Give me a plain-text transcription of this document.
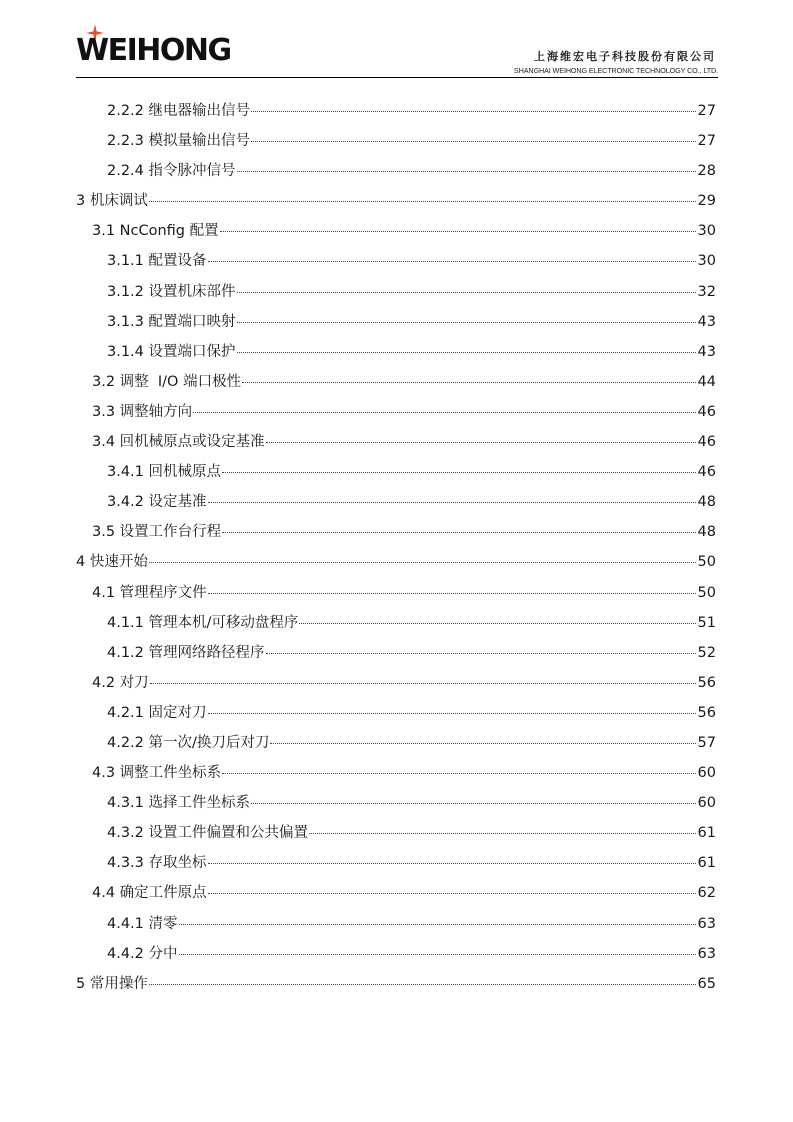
WEIHONG	上海维宏电子科技股份有限公司
SHANGHAI WEIHONG ELECTRONIC TECHNOLOGY CO., LTD.
2.2.2 继电器输出信号	27
2.2.3 模拟量输出信号	27
2.2.4 指令脉冲信号	28
3 机床调试	29
3.1 NcConfig 配置	30
3.1.1 配置设备	30
3.1.2 设置机床部件	32
3.1.3 配置端口映射	43
3.1.4 设置端口保护	43
3.2 调整  I/O 端口极性	44
3.3 调整轴方向	46
3.4 回机械原点或设定基准	46
3.4.1 回机械原点	46
3.4.2 设定基准	48
3.5 设置工作台行程	48
4 快速开始	50
4.1 管理程序文件	50
4.1.1 管理本机/可移动盘程序	51
4.1.2 管理网络路径程序	52
4.2 对刀	56
4.2.1 固定对刀	56
4.2.2 第一次/换刀后对刀	57
4.3 调整工件坐标系	60
4.3.1 选择工件坐标系	60
4.3.2 设置工件偏置和公共偏置	61
4.3.3 存取坐标	61
4.4 确定工件原点	62
4.4.1 清零	63
4.4.2 分中	63
5 常用操作	65
